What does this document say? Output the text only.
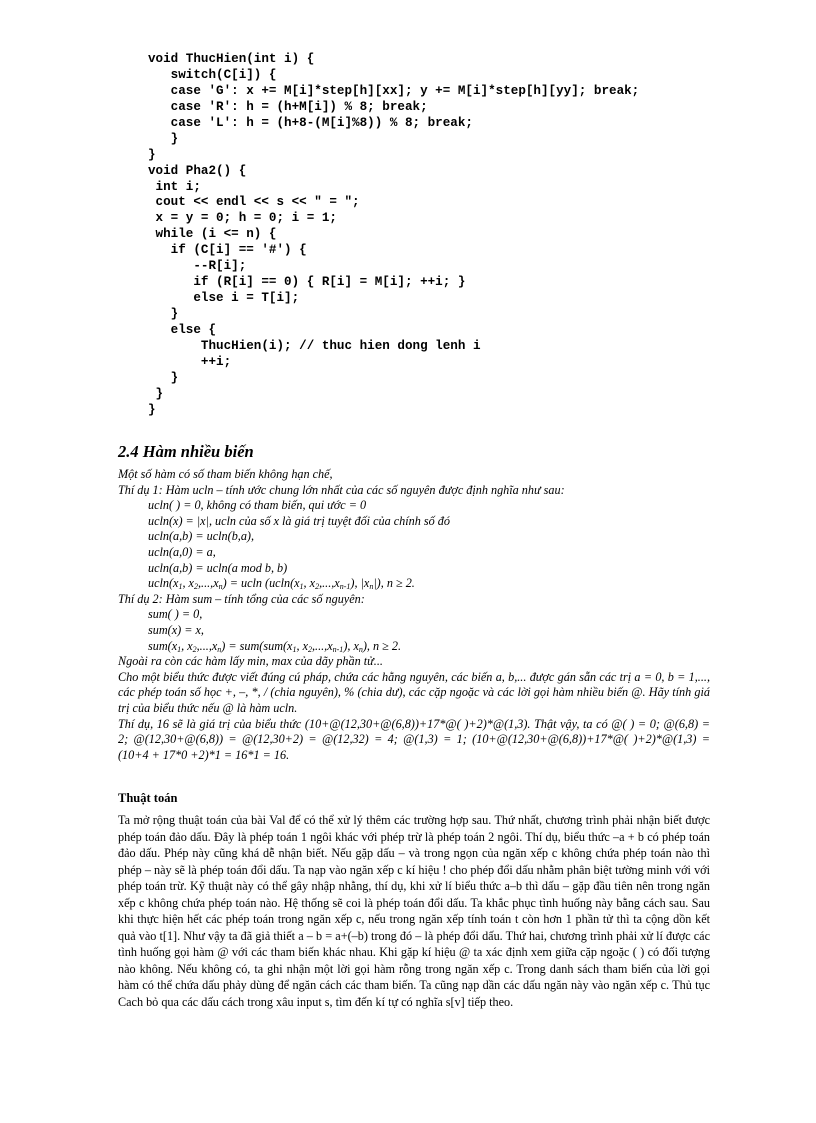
void ThucHien(int i) {
switch(C[i]) {
case 'G': x += M[i]*step[h][xx]; y += M[i]*step[h][yy]; break;
case 'R': h = (h+M[i]) % 8; break;
case 'L': h = (h+8-(M[i]%8)) % 8; break;
}
}
void Pha2() {
int i;
cout << endl << s << " = ";
x = y = 0; h = 0; i = 1;
while (i <= n) {
if (C[i] == '#') {
--R[i];
if (R[i] == 0) { R[i] = M[i]; ++i; }
else i = T[i];
}
else {
ThucHien(i); // thuc hien dong lenh i
++i;
}
}
}
2.4 Hàm nhiều biến
Một số hàm có số tham biến không hạn chế,
Thí dụ 1: Hàm ucln – tính ước chung lớn nhất của các số nguyên được định nghĩa như sau:
ucln( ) = 0, không có tham biến, qui ước = 0
ucln(x) = |x|, ucln của số x là giá trị tuyệt đối của chính số đó
ucln(a,b) = ucln(b,a),
ucln(a,0) = a,
ucln(a,b) = ucln(a mod b, b)
$ucln(x_1$, $x_2,...,x_n) = ucln$ ($ucln(x_1$, $x_2,...,x_{n-1}$), $|x_n|$), n ≥ 2.
Thí dụ 2: Hàm sum – tính tổng của các số nguyên:
sum( ) = 0,
sum(x) = x,
$sum(x_1$, $x_2,...,x_n) = sum(sum(x_1$, $x_2,...,x_{n-1}$), $x_n$), n ≥ 2.
Ngoài ra còn các hàm lấy min, max của dãy phần tử...
Cho một biểu thức được viết đúng cú pháp, chứa các hằng nguyên, các biến a, b,... được gán sẵn các trị a = 0, b = 1,..., các phép toán số học +, –, *, / (chia nguyên), % (chia dư), các cặp ngoặc và các lời gọi hàm nhiều biến @. Hãy tính giá trị của biểu thức nếu @ là hàm ucln.
Thí dụ, 16 sẽ là giá trị của biểu thức (10+@(12,30+@(6,8))+17*@( )+2)*@(1,3). Thật vậy, ta có @( ) = 0; @(6,8) = 2; @(12,30+@(6,8)) = @(12,30+2) = @(12,32) = 4; @(1,3) = 1; (10+@(12,30+@(6,8))+17*@( )+2)*@(1,3) = (10+4 + 17*0 +2)*1 = 16*1 = 16.
Thuật toán

Ta mở rộng thuật toán của bài Val để có thể xử lý thêm các trường hợp sau. Thứ nhất, chương trình phải nhận biết được phép toán đảo dấu. Đây là phép toán 1 ngôi khác với phép trừ là phép toán 2 ngôi. Thí dụ, biểu thức –a + b có phép toán đảo dấu. Phép này cũng khá dễ nhận biết. Nếu gặp dấu – và trong ngọn của ngăn xếp c không chứa phép toán nào thì phép – này sẽ là phép toán đổi dấu. Ta nạp vào ngăn xếp c kí hiệu ! cho phép đổi dấu nhằm phân biệt tường minh với với phép toán trừ. Kỹ thuật này có thể gây nhập nhằng, thí dụ, khi xử lí biểu thức a–b thì dấu – gặp đầu tiên nên trong ngăn xếp c không chứa phép toán nào. Hệ thống sẽ coi là phép toán đổi dấu. Ta khắc phục tình huống này bằng cách sau. Sau khi thực hiện hết các phép toán trong ngăn xếp c, nếu trong ngăn xếp tính toán t còn hơn 1 phần tử thì ta cộng dồn kết quả vào t[1]. Như vậy ta đã giả thiết a – b = a+(–b) trong đó – là phép đổi dấu. Thứ hai, chương trình phải xử lí được các tình huống gọi hàm @ với các tham biến khác nhau. Khi gặp kí hiệu @ ta xác định xem giữa cặp ngoặc ( ) có đối tượng nào không. Nếu không có, ta ghi nhận một lời gọi hàm rỗng trong ngăn xếp c. Trong danh sách tham biến của lời gọi hàm có thể chứa dấu phảy dùng để ngăn cách các tham biến. Ta cũng nạp dần các dấu ngăn này vào ngăn xếp c. Thủ tục Cach bỏ qua các dấu cách trong xâu input s, tìm đến kí tự có nghĩa s[v] tiếp theo.
